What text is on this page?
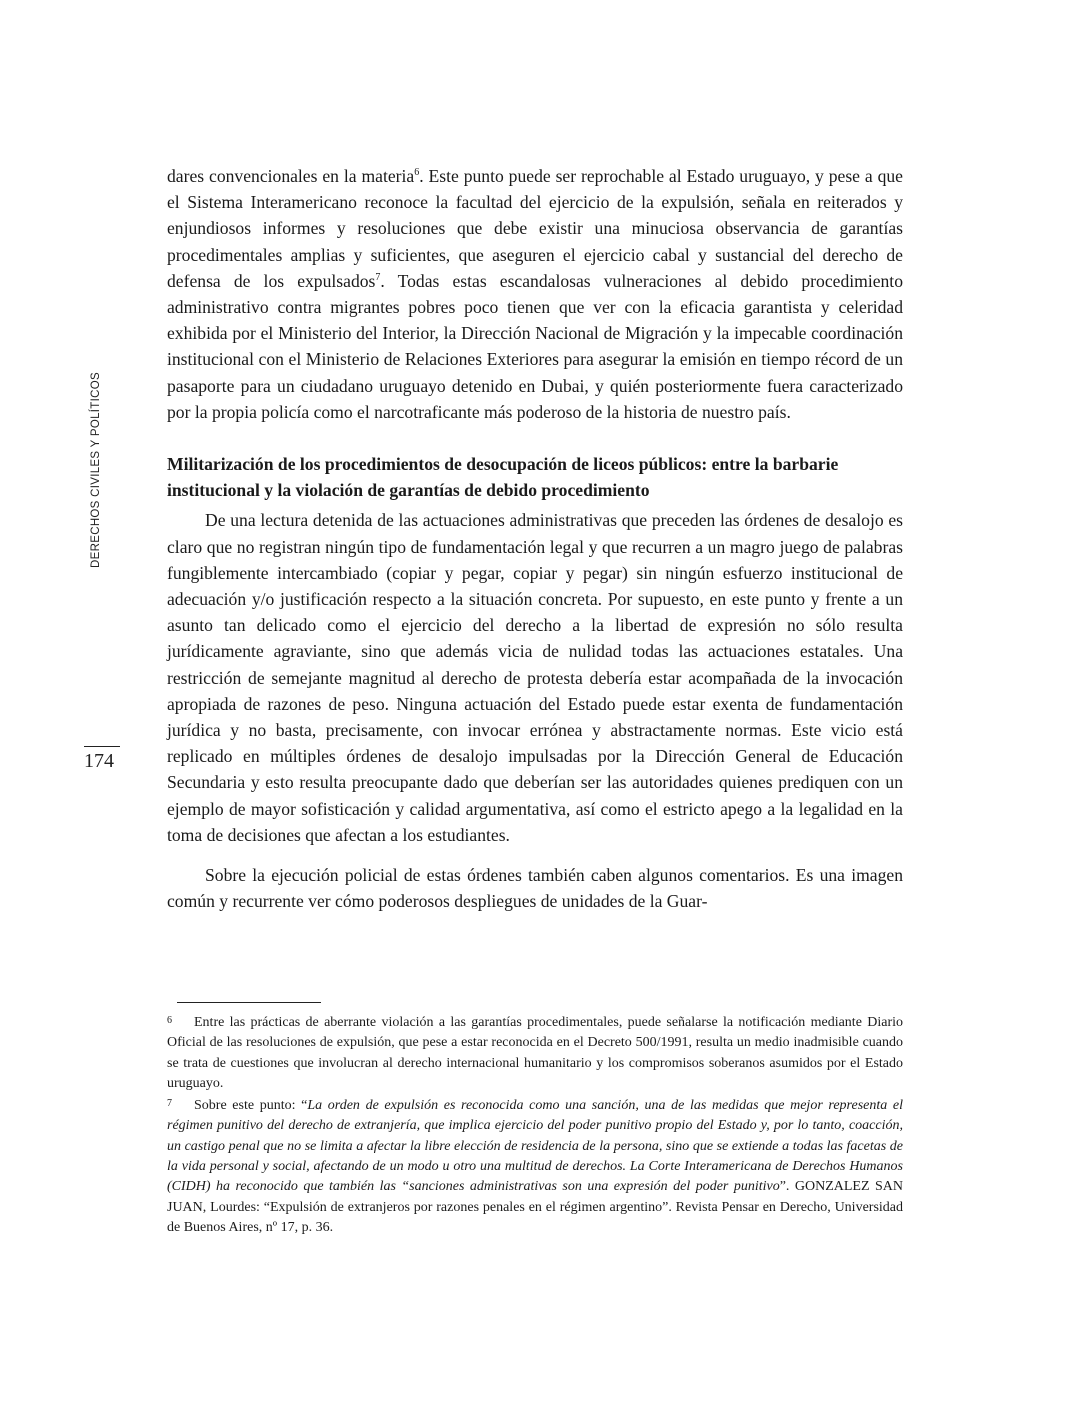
DERECHOS CIVILES Y POLÍTICOS
174

dares convencionales en la materia$^6$. Este punto puede ser reprochable al Estado uruguayo, y pese a que el Sistema Interamericano reconoce la facultad del ejercicio de la expulsión, señala en reiterados y enjundiosos informes y resoluciones que debe existir una minuciosa observancia de garantías procedimentales amplias y suficientes, que aseguren el ejercicio cabal y sustancial del derecho de defensa de los expulsados$^7$. Todas estas escandalosas vulneraciones al debido procedimiento administrativo contra migrantes pobres poco tienen que ver con la eficacia garantista y celeridad exhibida por el Ministerio del Interior, la Dirección Nacional de Migración y la impecable coordinación institucional con el Ministerio de Relaciones Exteriores para asegurar la emisión en tiempo récord de un pasaporte para un ciudadano uruguayo detenido en Dubai, y quién posteriormente fuera caracterizado por la propia policía como el narcotraficante más poderoso de la historia de nuestro país.

Militarización de los procedimientos de desocupación de liceos públicos: entre la barbarie institucional y la violación de garantías de debido procedimiento

De una lectura detenida de las actuaciones administrativas que preceden las órdenes de desalojo es claro que no registran ningún tipo de fundamentación legal y que recurren a un magro juego de palabras fungiblemente intercambiado (copiar y pegar, copiar y pegar) sin ningún esfuerzo institucional de adecuación y/o justificación respecto a la situación concreta. Por supuesto, en este punto y frente a un asunto tan delicado como el ejercicio del derecho a la libertad de expresión no sólo resulta jurídicamente agraviante, sino que además vicia de nulidad todas las actuaciones estatales. Una restricción de semejante magnitud al derecho de protesta debería estar acompañada de la invocación apropiada de razones de peso. Ninguna actuación del Estado puede estar exenta de fundamentación jurídica y no basta, precisamente, con invocar errónea y abstractamente normas. Este vicio está replicado en múltiples órdenes de desalojo impulsadas por la Dirección General de Educación Secundaria y esto resulta preocupante dado que deberían ser las autoridades quienes prediquen con un ejemplo de mayor sofisticación y calidad argumentativa, así como el estricto apego a la legalidad en la toma de decisiones que afectan a los estudiantes.

Sobre la ejecución policial de estas órdenes también caben algunos comentarios. Es una imagen común y recurrente ver cómo poderosos despliegues de unidades de la Guar-

6 Entre las prácticas de aberrante violación a las garantías procedimentales, puede señalarse la notificación mediante Diario Oficial de las resoluciones de expulsión, que pese a estar reconocida en el Decreto 500/1991, resulta un medio inadmisible cuando se trata de cuestiones que involucran al derecho internacional humanitario y los compromisos soberanos asumidos por el Estado uruguayo.

7 Sobre este punto: “La orden de expulsión es reconocida como una sanción, una de las medidas que mejor representa el régimen punitivo del derecho de extranjería, que implica ejercicio del poder punitivo propio del Estado y, por lo tanto, coacción, un castigo penal que no se limita a afectar la libre elección de residencia de la persona, sino que se extiende a todas las facetas de la vida personal y social, afectando de un modo u otro una multitud de derechos. La Corte Interamericana de Derechos Humanos (CIDH) ha reconocido que también las “sanciones administrativas son una expresión del poder punitivo”. GONZALEZ SAN JUAN, Lourdes: “Expulsión de extranjeros por razones penales en el régimen argentino”. Revista Pensar en Derecho, Universidad de Buenos Aires, nº 17, p. 36.
